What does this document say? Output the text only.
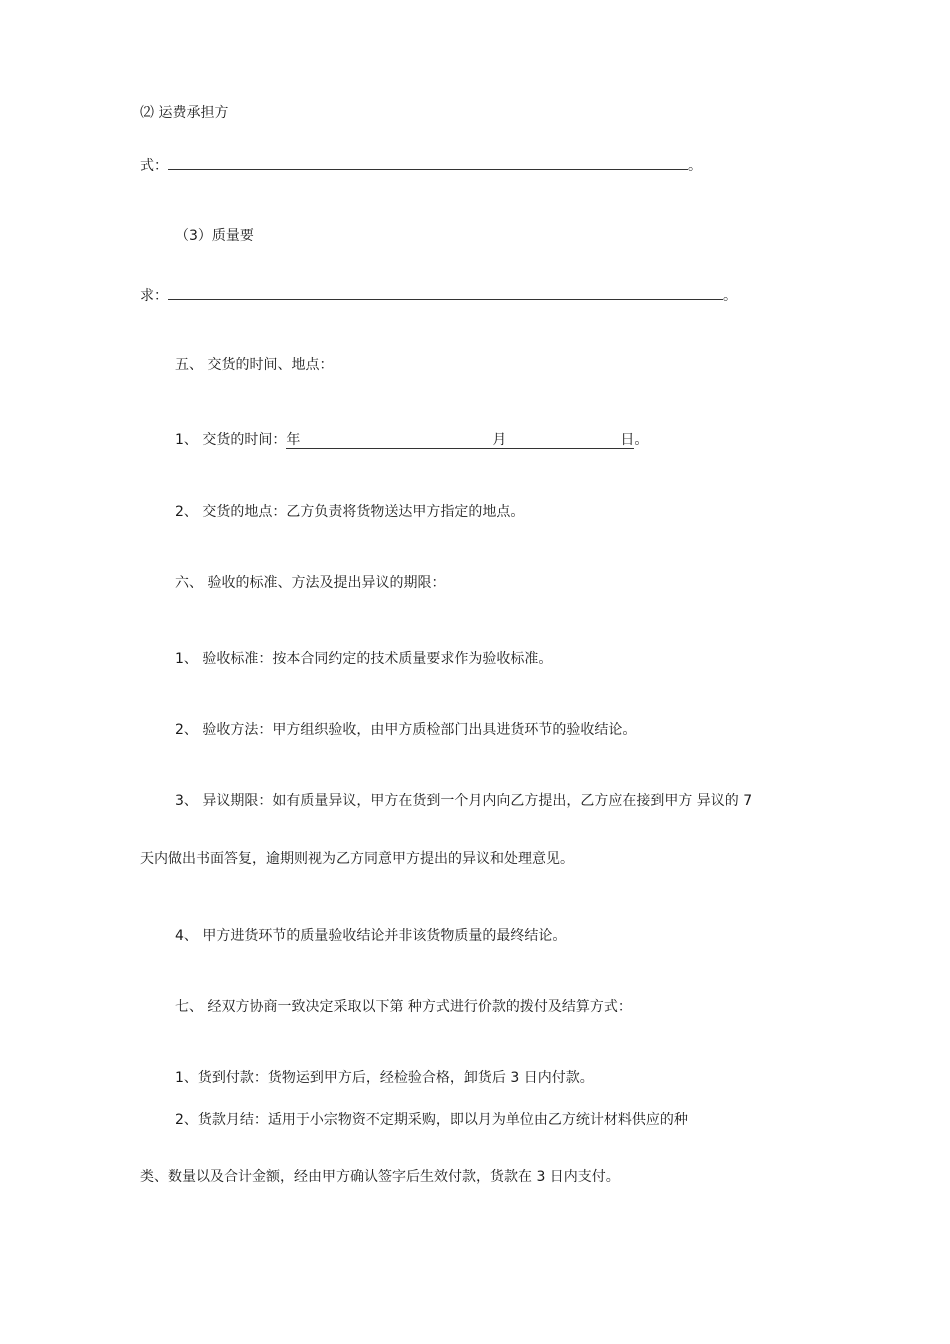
⑵ 运费承担方
式：	。
（3）质量要
求：	。
五、 交货的时间、地点：
1、 交货的时间：年	月	日。
2、 交货的地点：乙方负责将货物送达甲方指定的地点。
六、 验收的标准、方法及提出异议的期限：
1、 验收标准：按本合同约定的技术质量要求作为验收标准。
2、 验收方法：甲方组织验收，由甲方质检部门出具进货环节的验收结论。
3、 异议期限：如有质量异议，甲方在货到一个月内向乙方提出，乙方应在接到甲方 异议的 7
天内做出书面答复，逾期则视为乙方同意甲方提出的异议和处理意见。
4、 甲方进货环节的质量验收结论并非该货物质量的最终结论。
七、 经双方协商一致决定采取以下第 种方式进行价款的拨付及结算方式：
1、货到付款：货物运到甲方后，经检验合格，卸货后 3 日内付款。
2、货款月结：适用于小宗物资不定期采购，即以月为单位由乙方统计材料供应的种
类、数量以及合计金额，经由甲方确认签字后生效付款，货款在 3 日内支付。
